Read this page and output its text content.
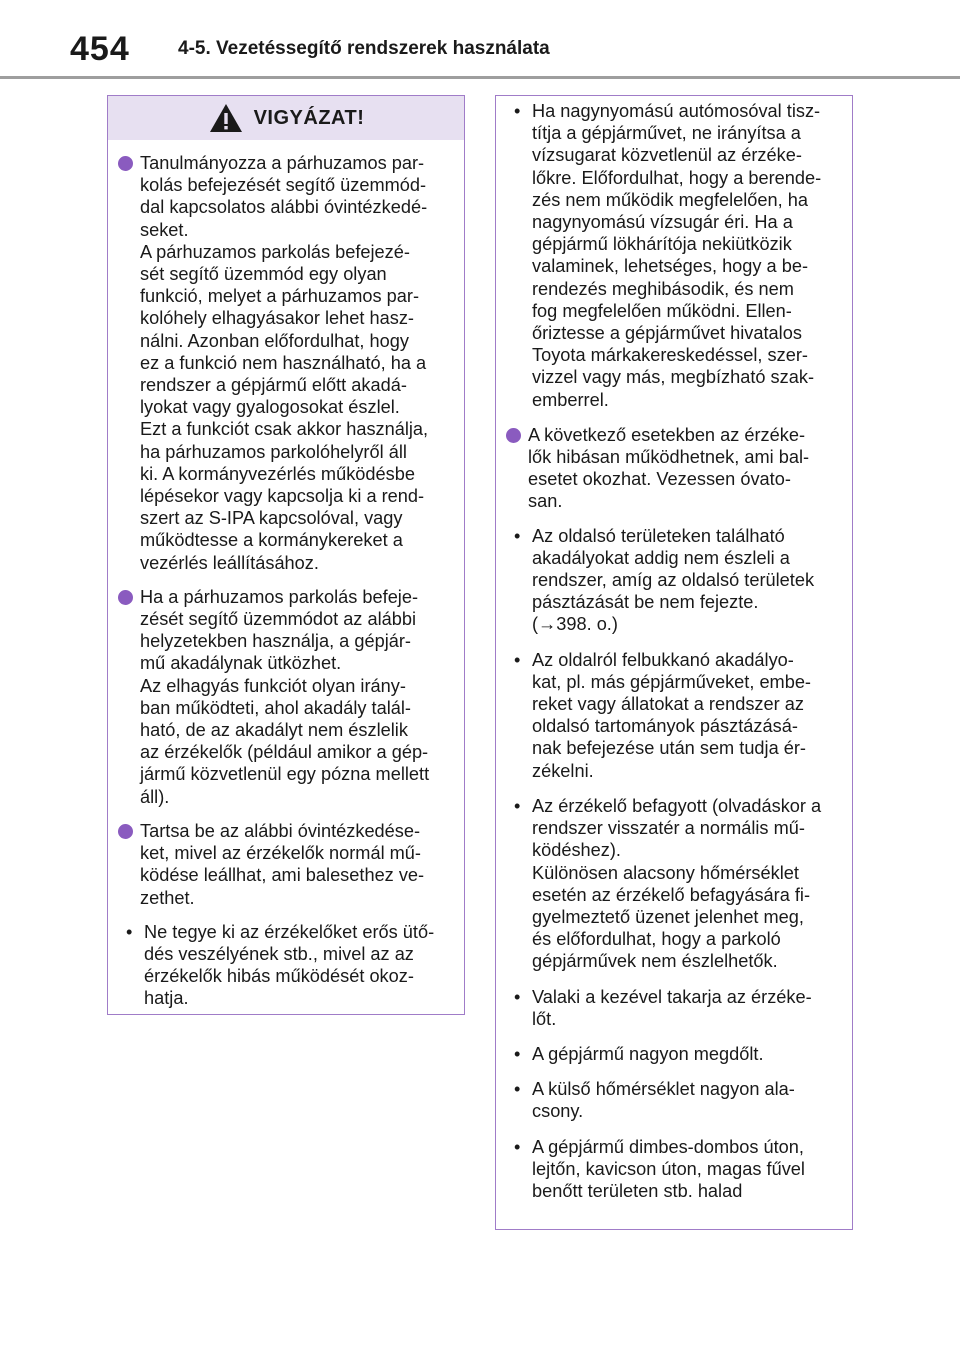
454	4-5. Vezetéssegítő rendszerek használata
VIGYÁZAT!

Tanulmányozza a párhuzamos par-
kolás befejezését segítő üzemmód-
dal kapcsolatos alábbi óvintézkedé-
seket.
A párhuzamos parkolás befejezé-
sét segítő üzemmód egy olyan
funkció, melyet a párhuzamos par-
kolóhely elhagyásakor lehet hasz-
nálni. Azonban előfordulhat, hogy
ez a funkció nem használható, ha a
rendszer a gépjármű előtt akadá-
lyokat vagy gyalogosokat észlel.
Ezt a funkciót csak akkor használja,
ha párhuzamos parkolóhelyről áll
ki. A kormányvezérlés működésbe
lépésekor vagy kapcsolja ki a rend-
szert az S-IPA kapcsolóval, vagy
működtesse a kormánykereket a
vezérlés leállításához.

Ha a párhuzamos parkolás befeje-
zését segítő üzemmódot az alábbi
helyzetekben használja, a gépjár-
mű akadálynak ütközhet.
Az elhagyás funkciót olyan irány-
ban működteti, ahol akadály talál-
ható, de az akadályt nem észlelik
az érzékelők (például amikor a gép-
jármű közvetlenül egy pózna mellett
áll).

Tartsa be az alábbi óvintézkedése-
ket, mivel az érzékelők normál mű-
ködése leállhat, ami balesethez ve-
zethet.

• Ne tegye ki az érzékelőket erős ütő-
dés veszélyének stb., mivel az az
érzékelők hibás működését okoz-
hatja.
• Ha nagynyomású autómosóval tisz-
títja a gépjárművet, ne irányítsa a
vízsugarat közvetlenül az érzéke-
lőkre. Előfordulhat, hogy a berende-
zés nem működik megfelelően, ha
nagynyomású vízsugár éri. Ha a
gépjármű lökhárítója nekiütközik
valaminek, lehetséges, hogy a be-
rendezés meghibásodik, és nem
fog megfelelően működni. Ellen-
őriztesse a gépjárművet hivatalos
Toyota márkakereskedéssel, szer-
vizzel vagy más, megbízható szak-
emberrel.

A következő esetekben az érzéke-
lők hibásan működhetnek, ami bal-
esetet okozhat. Vezessen óvato-
san.

• Az oldalsó területeken található
akadályokat addig nem észleli a
rendszer, amíg az oldalsó területek
pásztázását be nem fejezte.
(→398. o.)
• Az oldalról felbukkanó akadályo-
kat, pl. más gépjárműveket, embe-
reket vagy állatokat a rendszer az
oldalsó tartományok pásztázásá-
nak befejezése után sem tudja ér-
zékelni.
• Az érzékelő befagyott (olvadáskor a
rendszer visszatér a normális mű-
ködéshez).
Különösen alacsony hőmérséklet
esetén az érzékelő befagyására fi-
gyelmeztető üzenet jelenhet meg,
és előfordulhat, hogy a parkoló
gépjárművek nem észlelhetők.
• Valaki a kezével takarja az érzéke-
lőt.
• A gépjármű nagyon megdőlt.
• A külső hőmérséklet nagyon ala-
csony.
• A gépjármű dimbes-dombos úton,
lejtőn, kavicson úton, magas fűvel
benőtt területen stb. halad
